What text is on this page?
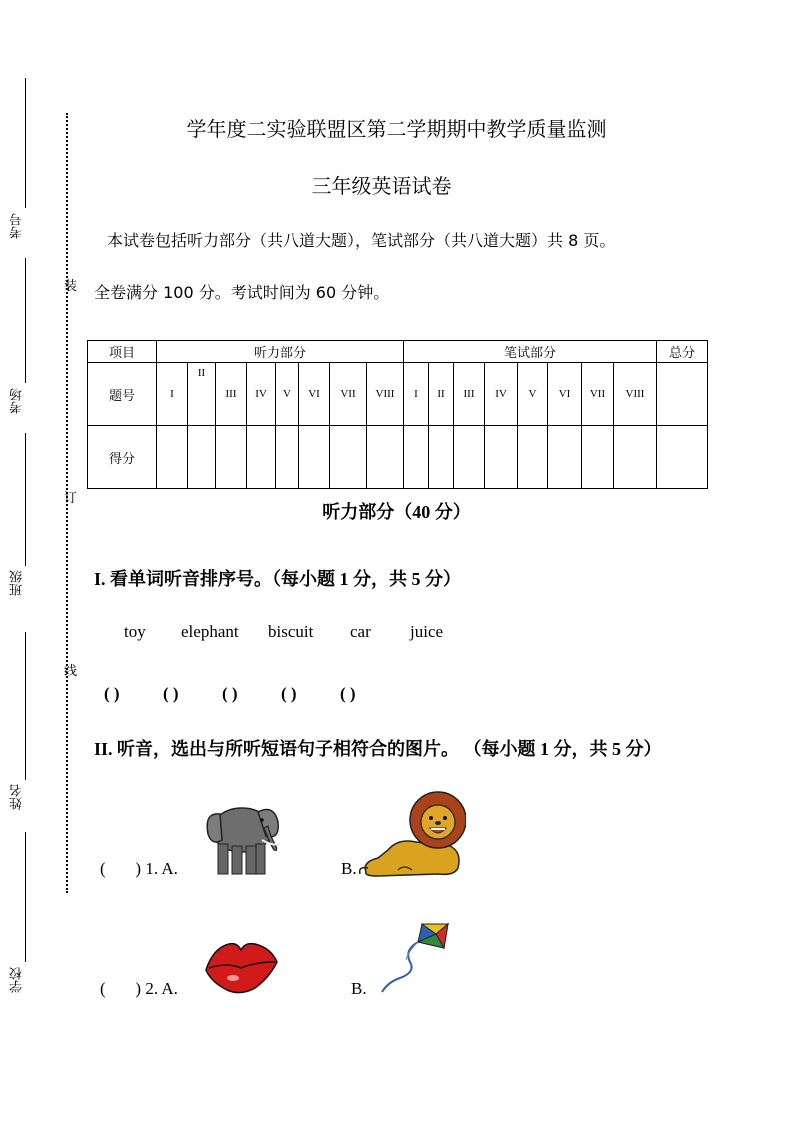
考号
考场
班级
姓名
学校
装
订
线
学年度二实验联盟区第二学期期中教学质量监测
三年级英语试卷
本试卷包括听力部分（共八道大题），笔试部分（共八道大题）共 8 页。
全卷满分 100 分。考试时间为 60 分钟。
项目	听力部分								笔试部分								总分
题号	I	II	III	IV	V	VI	VII	VIII	I	II	III	IV	V	VI	VII	VIII	
得分																	
听力部分（40 分）
I. 看单词听音排序号。（每小题 1 分，共 5 分）
toy elephant biscuit car juice
( )	( )	( )	( )	( )
II. 听音，选出与所听短语句子相符合的图片。 （每小题 1 分，共 5 分）
(       ) 1. A.	B.
(       ) 2. A.	B.
